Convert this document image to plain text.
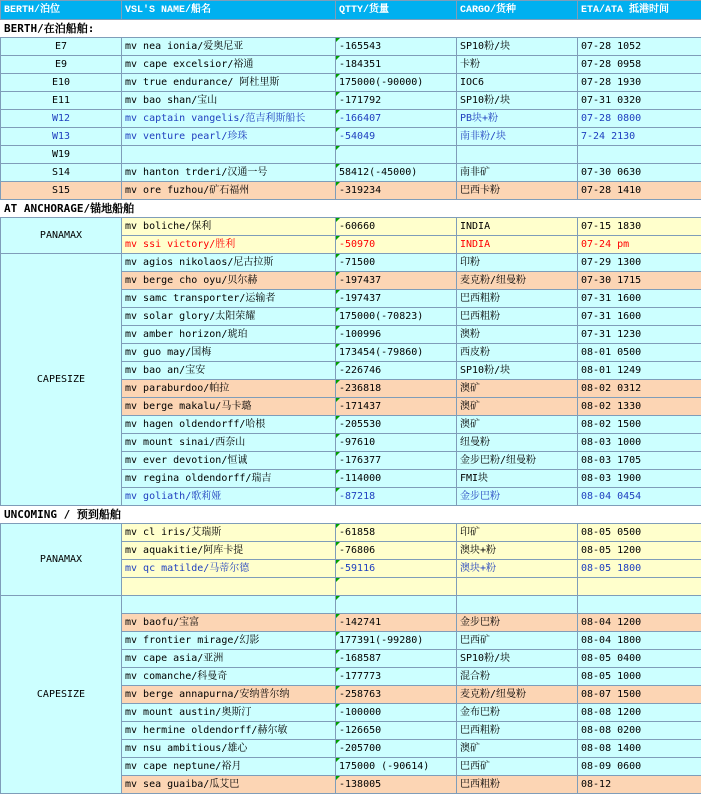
BERTH/泊位	VSL'S NAME/船名	QTTY/货量	CARGO/货种	ETA/ATA 抵港时间
BERTH/在泊船舶:				
E7	mv nea ionia/爱奥尼亚	-165543	SP10粉/块	07-28 1052
E9	mv cape excelsior/裕通	-184351	卡粉	07-28 0958
E10	mv true endurance/ 阿杜里斯	175000(-90000)	IOC6	07-28 1930
E11	mv bao shan/宝山	-171792	SP10粉/块	07-31 0320
W12	mv captain vangelis/范吉利斯船长	-166407	PB块+粉	07-28 0800
W13	mv venture pearl/珍珠	-54049	南非粉/块	7-24 2130
W19				
S14	mv hanton trderi/汉通一号	58412(-45000)	南非矿	07-30 0630
S15	mv ore fuzhou/矿石福州	-319234	巴西卡粉	07-28 1410
AT ANCHORAGE/锚地船舶				
PANAMAX	mv boliche/保利	-60660	INDIA	07-15 1830
	mv ssi victory/胜利	-50970	INDIA	07-24 pm
CAPESIZE	mv agios nikolaos/尼古拉斯	-71500	印粉	07-29 1300
	mv berge cho oyu/贝尔赫	-197437	麦克粉/纽曼粉	07-30 1715
	mv samc transporter/运输者	-197437	巴西粗粉	07-31 1600
	mv solar glory/太阳荣耀	175000(-70823)	巴西粗粉	07-31 1600
	mv amber horizon/琥珀	-100996	澳粉	07-31 1230
	mv guo may/国梅	173454(-79860)	西皮粉	08-01 0500
	mv bao an/宝安	-226746	SP10粉/块	08-01 1249
	mv paraburdoo/帕拉	-236818	澳矿	08-02 0312
	mv berge makalu/马卡璐	-171437	澳矿	08-02 1330
	mv hagen oldendorff/哈根	-205530	澳矿	08-02 1500
	mv mount sinai/西奈山	-97610	纽曼粉	08-03 1000
	mv ever devotion/恒诚	-176377	金步巴粉/纽曼粉	08-03 1705
	mv regina oldendorff/瑞吉	-114000	FMI块	08-03 1900
	mv goliath/歌莉娅	-87218	金步巴粉	08-04 0454
UNCOMING / 预到船舶				
PANAMAX	mv cl iris/艾瑞斯	-61858	印矿	08-05 0500
	mv aquakitie/阿库卡提	-76806	澳块+粉	08-05 1200
	mv qc matilde/马蒂尔德	-59116	澳块+粉	08-05 1800

CAPESIZE				
	mv baofu/宝富	-142741	金步巴粉	08-04 1200
	mv frontier mirage/幻影	177391(-99280)	巴西矿	08-04 1800
	mv cape asia/亚洲	-168587	SP10粉/块	08-05 0400
	mv comanche/科曼奇	-177773	混合粉	08-05 1000
	mv berge annapurna/安纳普尔纳	-258763	麦克粉/纽曼粉	08-07 1500
	mv mount austin/奥斯汀	-100000	金布巴粉	08-08 1200
	mv hermine oldendorff/赫尔敏	-126650	巴西粗粉	08-08 0200
	mv nsu ambitious/雄心	-205700	澳矿	08-08 1400
	mv cape neptune/裕月	175000 (-90614)	巴西矿	08-09 0600
	mv sea guaiba/瓜艾巴	-138005	巴西粗粉	08-12
